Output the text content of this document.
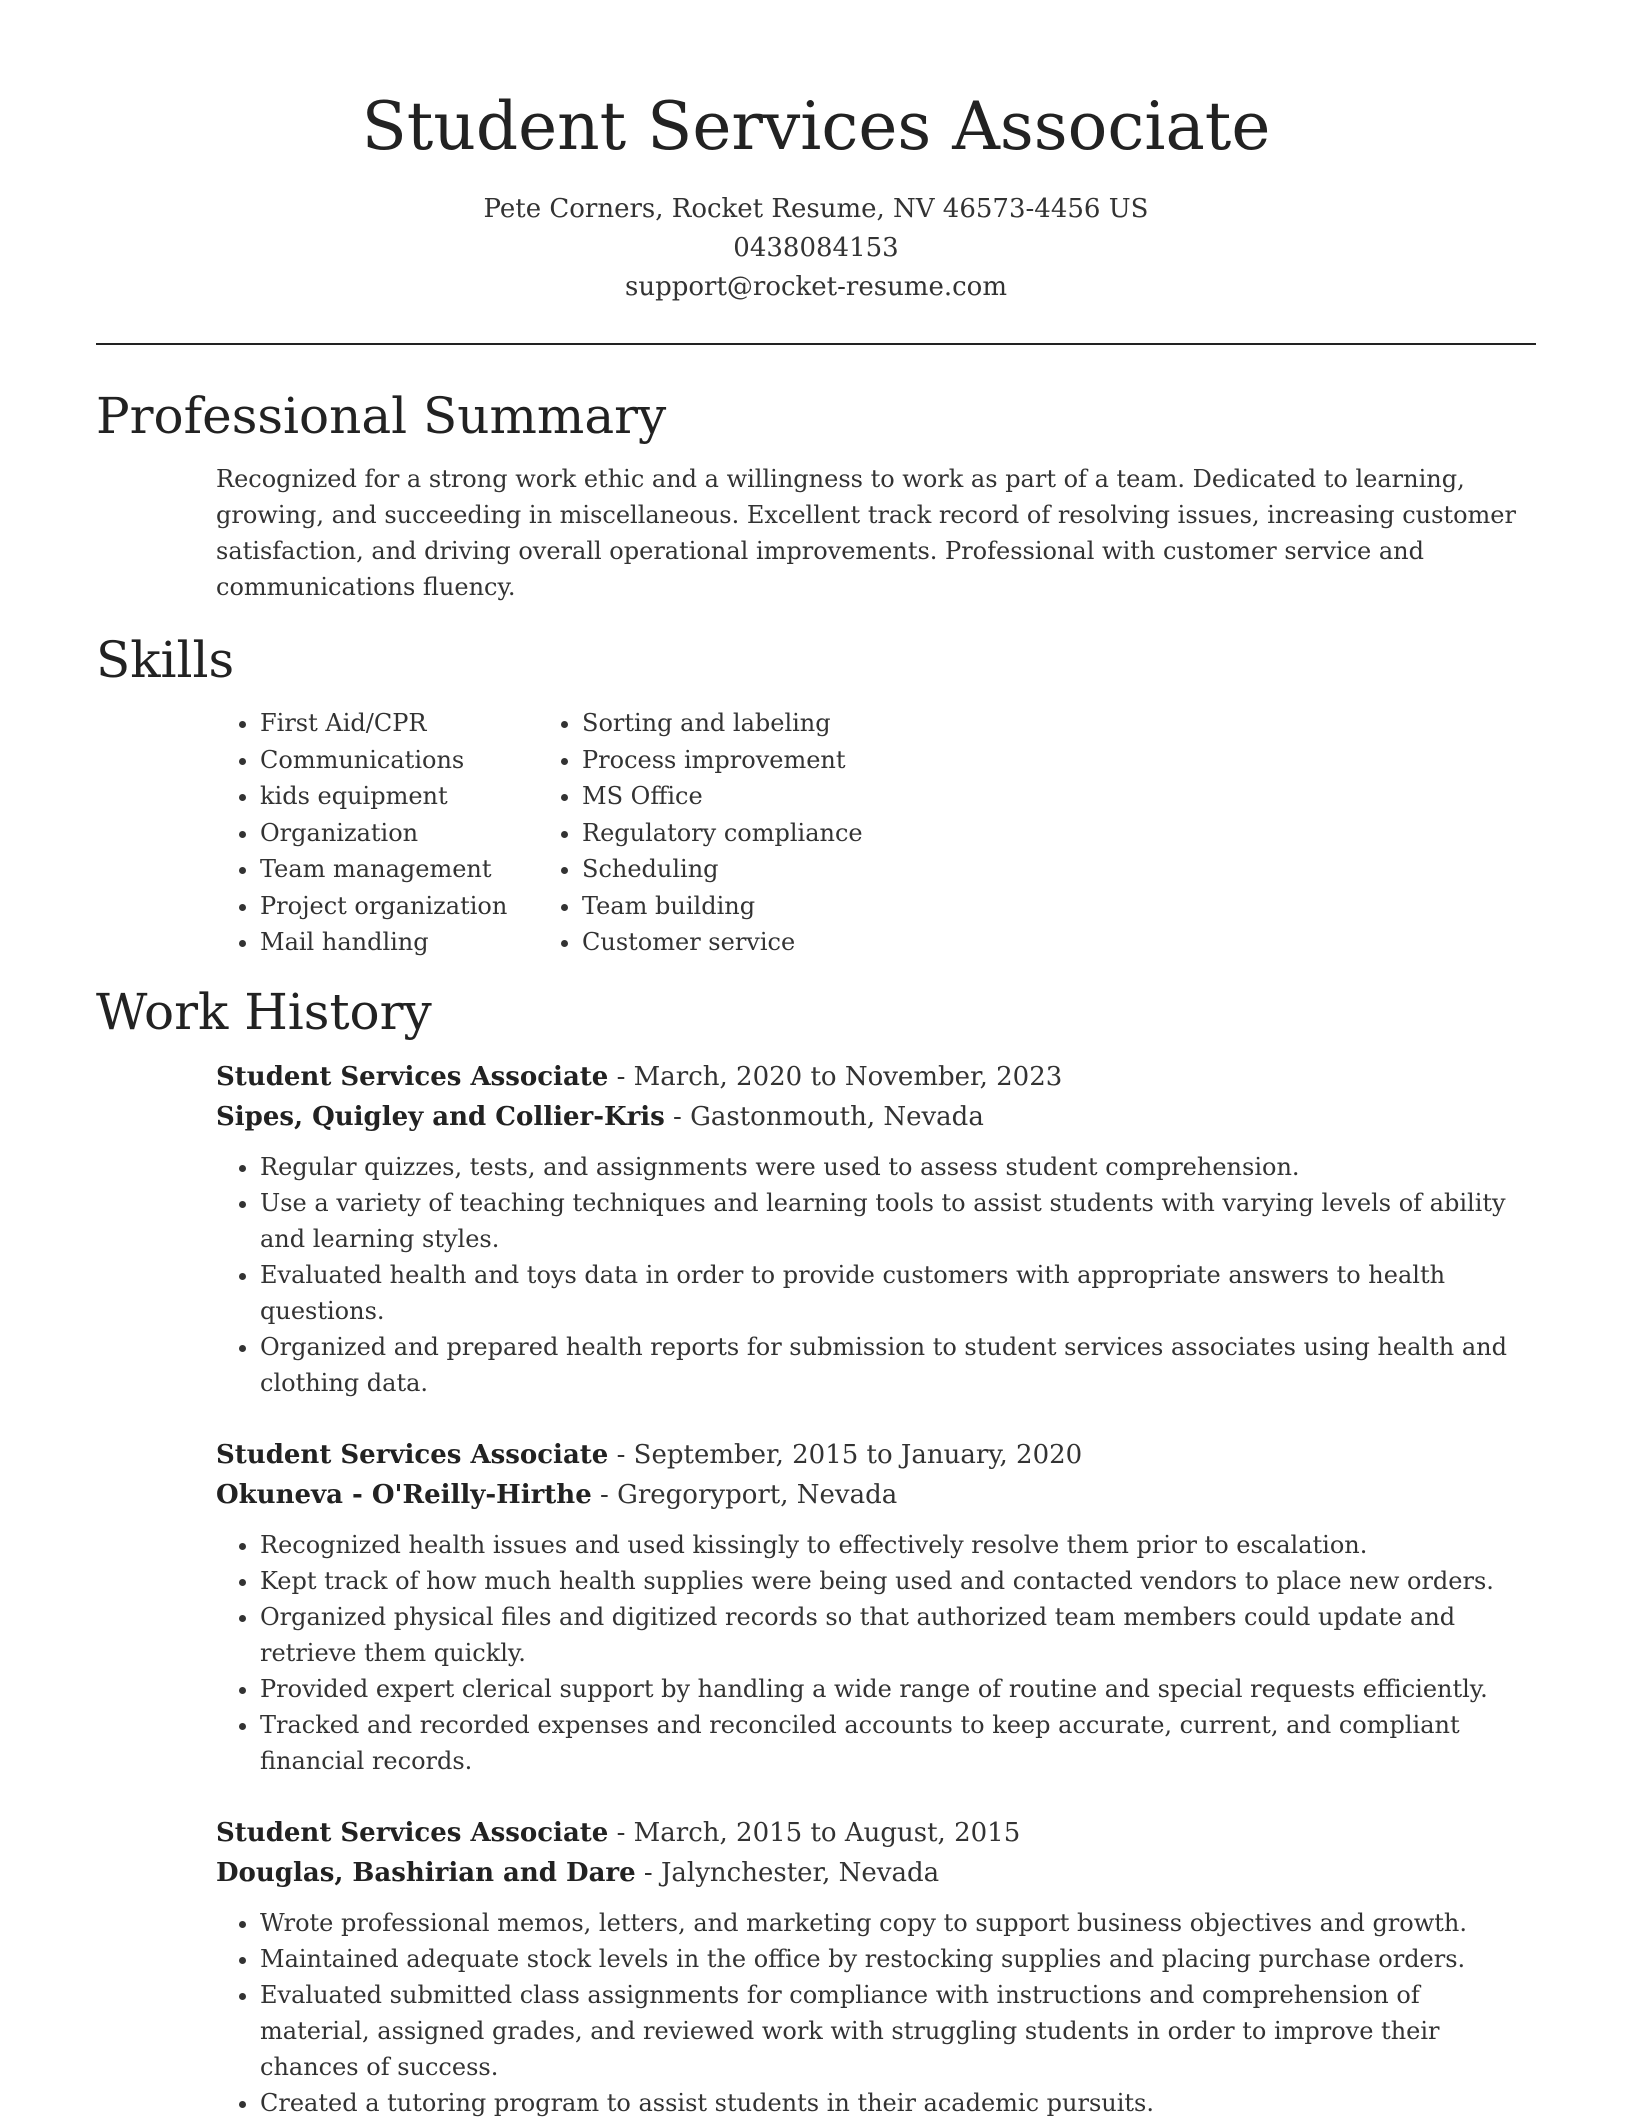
Student Services Associate
Pete Corners, Rocket Resume, NV 46573-4456 US
0438084153
support@rocket-resume.com
Professional Summary

Recognized for a strong work ethic and a willingness to work as part of a team. Dedicated to learning, growing, and succeeding in miscellaneous. Excellent track record of resolving issues, increasing customer satisfaction, and driving overall operational improvements. Professional with customer service and communications fluency.

Skills
• First Aid/CPR
• Communications
• kids equipment
• Organization
• Team management
• Project organization
• Mail handling
• Sorting and labeling
• Process improvement
• MS Office
• Regulatory compliance
• Scheduling
• Team building
• Customer service
Work History
Student Services Associate - March, 2020 to November, 2023
Sipes, Quigley and Collier-Kris - Gastonmouth, Nevada
• Regular quizzes, tests, and assignments were used to assess student comprehension.
• Use a variety of teaching techniques and learning tools to assist students with varying levels of ability and learning styles.
• Evaluated health and toys data in order to provide customers with appropriate answers to health questions.
• Organized and prepared health reports for submission to student services associates using health and clothing data.
Student Services Associate - September, 2015 to January, 2020
Okuneva - O'Reilly-Hirthe - Gregoryport, Nevada
• Recognized health issues and used kissingly to effectively resolve them prior to escalation.
• Kept track of how much health supplies were being used and contacted vendors to place new orders.
• Organized physical files and digitized records so that authorized team members could update and retrieve them quickly.
• Provided expert clerical support by handling a wide range of routine and special requests efficiently.
• Tracked and recorded expenses and reconciled accounts to keep accurate, current, and compliant financial records.
Student Services Associate - March, 2015 to August, 2015
Douglas, Bashirian and Dare - Jalynchester, Nevada
• Wrote professional memos, letters, and marketing copy to support business objectives and growth.
• Maintained adequate stock levels in the office by restocking supplies and placing purchase orders.
• Evaluated submitted class assignments for compliance with instructions and comprehension of material, assigned grades, and reviewed work with struggling students in order to improve their chances of success.
• Created a tutoring program to assist students in their academic pursuits.
